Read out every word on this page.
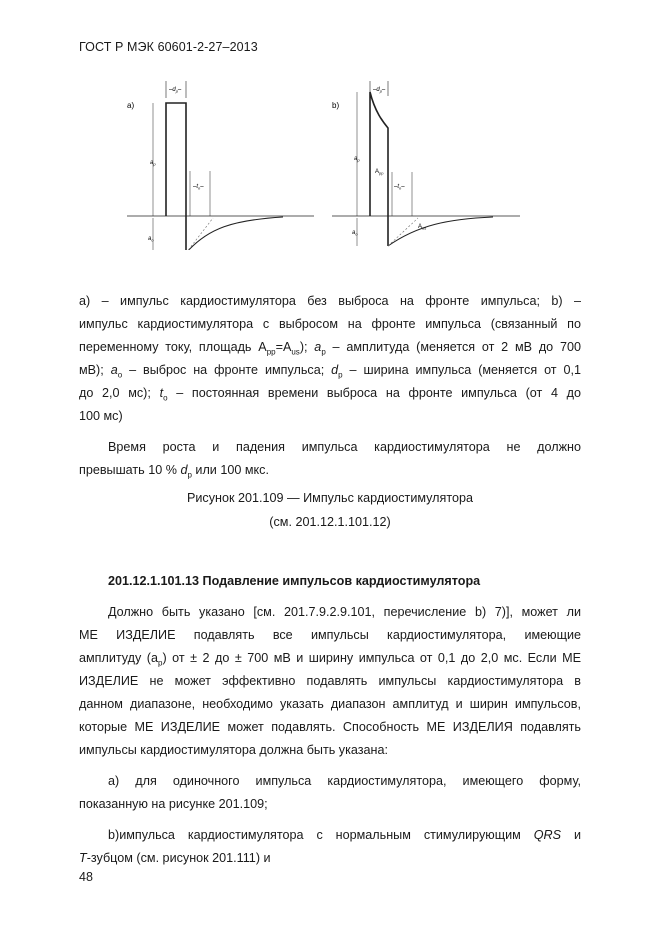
ГОСТ Р МЭК 60601-2-27–2013
a)
$a_p$
$a_o$
$-d_p-$
$-t_o-$
b)
$a_p$
$a_o$
$-d_p-$
$A_{pp}$
$-t_o-$
$A_{us}$
a) – импульс кардиостимулятора без выброса на фронте импульса; b) –
импульс кардиостимулятора с выбросом на фронте импульса (связанный по
переменному току, площадь $A_{pp}=A_{us}$); $a_p$ – амплитуда (меняется от 2 мВ до 700
мВ); $a_o$ – выброс на фронте импульса; $d_p$ – ширина импульса (меняется от 0,1
до 2,0 мс); $t_o$ – постоянная времени выброса на фронте импульса (от 4 до
100 мс)
Время роста и падения импульса кардиостимулятора не должно
превышать 10 % $d_p$ или 100 мкс.
Рисунок 201.109 — Импульс кардиостимулятора
(см. 201.12.1.101.12)
201.12.1.101.13 Подавление импульсов кардиостимулятора
Должно быть указано [см. 201.7.9.2.9.101, перечисление b) 7)], может ли
МЕ ИЗДЕЛИЕ подавлять все импульсы кардиостимулятора, имеющие
амплитуду $(a_p)$ от ± 2 до ± 700 мВ и ширину импульса от 0,1 до 2,0 мс. Если МЕ
ИЗДЕЛИЕ не может эффективно подавлять импульсы кардиостимулятора в
данном диапазоне, необходимо указать диапазон амплитуд и ширин импульсов,
которые МЕ ИЗДЕЛИЕ может подавлять. Способность МЕ ИЗДЕЛИЯ подавлять
импульсы кардиостимулятора должна быть указана:
а) для одиночного импульса кардиостимулятора, имеющего форму,
показанную на рисунке 201.109;
b)импульса кардиостимулятора с нормальным стимулирующим QRS и
T-зубцом (см. рисунок 201.111) и
48
